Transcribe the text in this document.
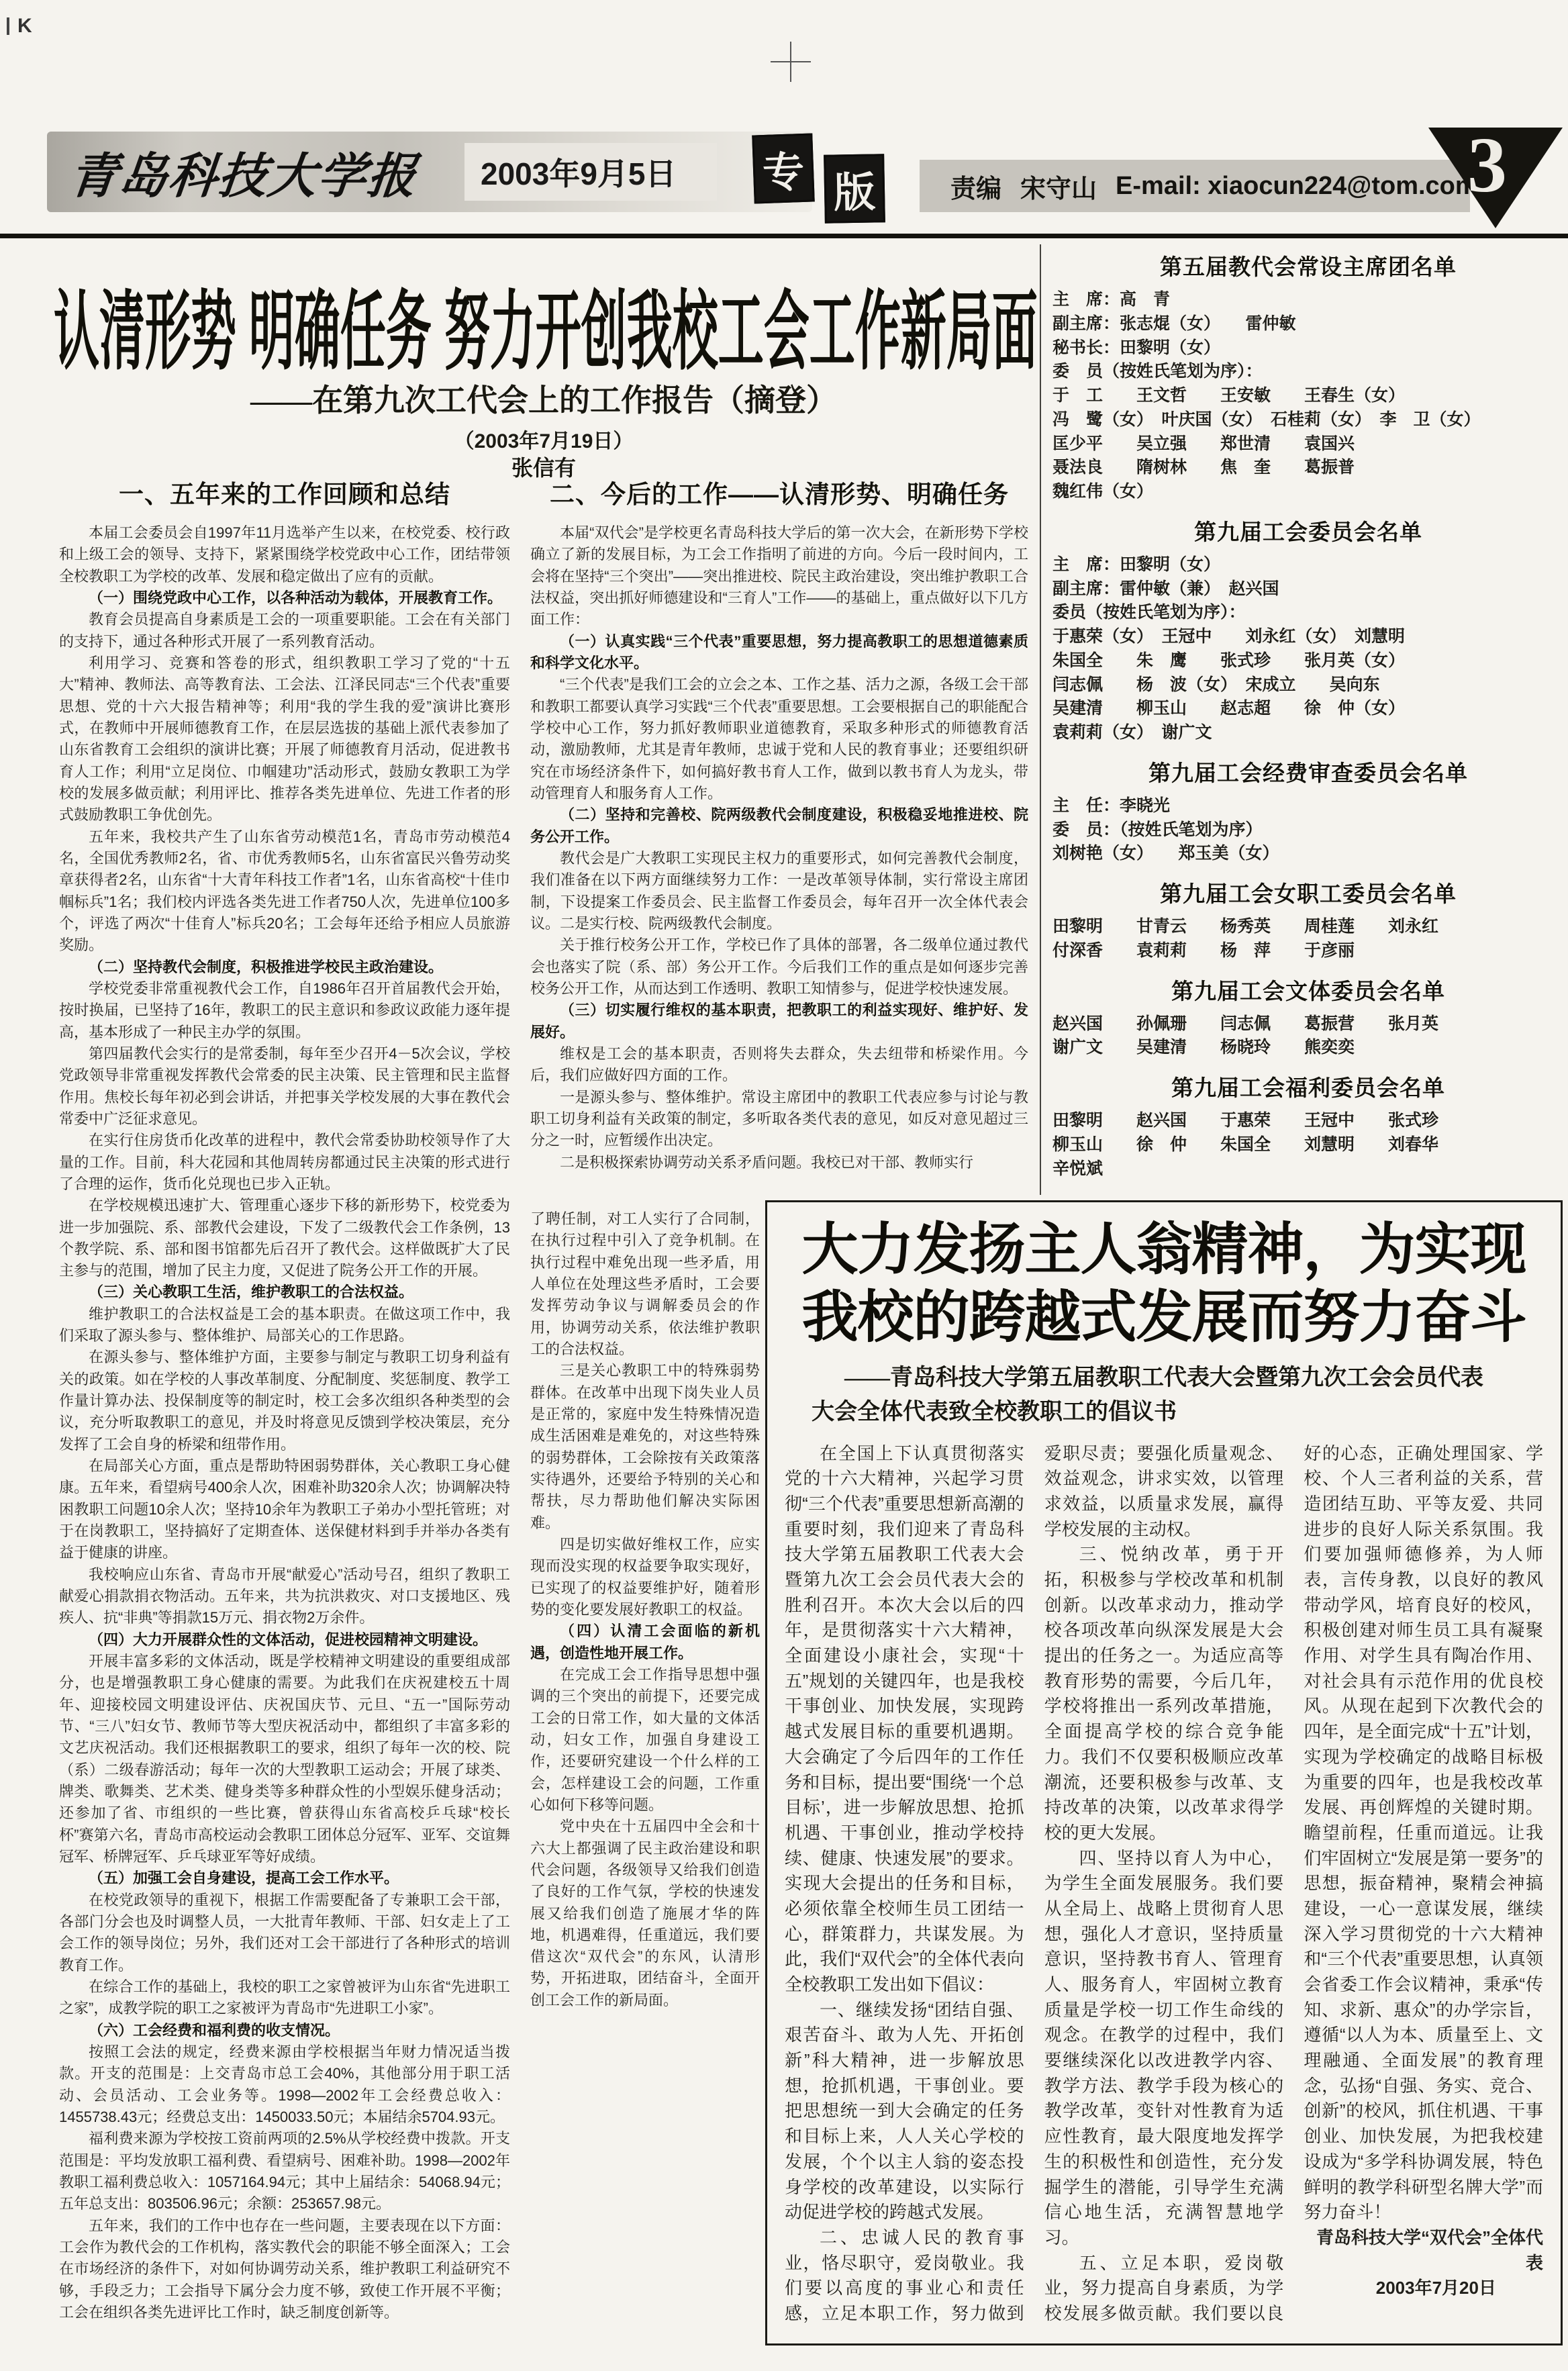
K
青岛科技大学报	2003年9月5日	专 版	责编 宋守山 E-mail: xiaocun224@tom.com
3
认清形势 明确任务 努力开创我校工会工作新局面
——在第九次工代会上的工作报告（摘登）
（2003年7月19日）
张信有
一、五年来的工作回顾和总结

本届工会委员会自1997年11月选举产生以来，在校党委、校行政和上级工会的领导、支持下，紧紧围绕学校党政中心工作，团结带领全校教职工为学校的改革、发展和稳定做出了应有的贡献。

（一）围绕党政中心工作，以各种活动为载体，开展教育工作。

教育会员提高自身素质是工会的一项重要职能。工会在有关部门的支持下，通过各种形式开展了一系列教育活动。

利用学习、竞赛和答卷的形式，组织教职工学习了党的“十五大”精神、教师法、高等教育法、工会法、江泽民同志“三个代表”重要思想、党的十六大报告精神等；利用“我的学生我的爱”演讲比赛形式，在教师中开展师德教育工作，在层层选拔的基础上派代表参加了山东省教育工会组织的演讲比赛；开展了师德教育月活动，促进教书育人工作；利用“立足岗位、巾帼建功”活动形式，鼓励女教职工为学校的发展多做贡献；利用评比、推荐各类先进单位、先进工作者的形式鼓励教职工争优创先。

五年来，我校共产生了山东省劳动模范1名，青岛市劳动模范4名，全国优秀教师2名，省、市优秀教师5名，山东省富民兴鲁劳动奖章获得者2名，山东省“十大青年科技工作者”1名，山东省高校“十佳巾帼标兵”1名；我们校内评选各类先进工作者750人次，先进单位100多个，评选了两次“十佳育人”标兵20名；工会每年还给予相应人员旅游奖励。

（二）坚持教代会制度，积极推进学校民主政治建设。

学校党委非常重视教代会工作，自1986年召开首届教代会开始，按时换届，已坚持了16年，教职工的民主意识和参政议政能力逐年提高，基本形成了一种民主办学的氛围。

第四届教代会实行的是常委制，每年至少召开4－5次会议，学校党政领导非常重视发挥教代会常委的民主决策、民主管理和民主监督作用。焦校长每年初必到会讲话，并把事关学校发展的大事在教代会常委中广泛征求意见。

在实行住房货币化改革的进程中，教代会常委协助校领导作了大量的工作。目前，科大花园和其他周转房都通过民主决策的形式进行了合理的运作，货币化兑现也已步入正轨。

在学校规模迅速扩大、管理重心逐步下移的新形势下，校党委为进一步加强院、系、部教代会建设，下发了二级教代会工作条例，13个教学院、系、部和图书馆都先后召开了教代会。这样做既扩大了民主参与的范围，增加了民主力度，又促进了院务公开工作的开展。

（三）关心教职工生活，维护教职工的合法权益。

维护教职工的合法权益是工会的基本职责。在做这项工作中，我们采取了源头参与、整体维护、局部关心的工作思路。

在源头参与、整体维护方面，主要参与制定与教职工切身利益有关的政策。如在学校的人事改革制度、分配制度、奖惩制度、教学工作量计算办法、投保制度等的制定时，校工会多次组织各种类型的会议，充分听取教职工的意见，并及时将意见反馈到学校决策层，充分发挥了工会自身的桥梁和纽带作用。

在局部关心方面，重点是帮助特困弱势群体，关心教职工身心健康。五年来，看望病号400余人次，困难补助320余人次；协调解决特困教职工问题10余人次；坚持10余年为教职工子弟办小型托管班；对于在岗教职工，坚持搞好了定期查体、送保健材料到手并举办各类有益于健康的讲座。

我校响应山东省、青岛市开展“献爱心”活动号召，组织了教职工献爱心捐款捐衣物活动。五年来，共为抗洪救灾、对口支援地区、残疾人、抗“非典”等捐款15万元、捐衣物2万余件。

（四）大力开展群众性的文体活动，促进校园精神文明建设。

开展丰富多彩的文体活动，既是学校精神文明建设的重要组成部分，也是增强教职工身心健康的需要。为此我们在庆祝建校五十周年、迎接校园文明建设评估、庆祝国庆节、元旦、“五一”国际劳动节、“三八”妇女节、教师节等大型庆祝活动中，都组织了丰富多彩的文艺庆祝活动。我们还根据教职工的要求，组织了每年一次的校、院（系）二级春游活动；每年一次的大型教职工运动会；开展了球类、牌类、歌舞类、艺术类、健身类等多种群众性的小型娱乐健身活动；还参加了省、市组织的一些比赛，曾获得山东省高校乒乓球“校长杯”赛第六名，青岛市高校运动会教职工团体总分冠军、亚军、交谊舞冠军、桥牌冠军、乒乓球亚军等好成绩。

（五）加强工会自身建设，提高工会工作水平。

在校党政领导的重视下，根据工作需要配备了专兼职工会干部，各部门分会也及时调整人员，一大批青年教师、干部、妇女走上了工会工作的领导岗位；另外，我们还对工会干部进行了各种形式的培训教育工作。

在综合工作的基础上，我校的职工之家曾被评为山东省“先进职工之家”，成教学院的职工之家被评为青岛市“先进职工小家”。

（六）工会经费和福利费的收支情况。

按照工会法的规定，经费来源由学校根据当年财力情况适当拨款。开支的范围是：上交青岛市总工会40%，其他部分用于职工活动、会员活动、工会业务等。1998—2002年工会经费总收入：1455738.43元；经费总支出：1450033.50元；本届结余5704.93元。

福利费来源为学校按工资前两项的2.5%从学校经费中拨款。开支范围是：平均发放职工福利费、看望病号、困难补助。1998—2002年教职工福利费总收入：1057164.94元；其中上届结余：54068.94元；五年总支出：803506.96元；余额：253657.98元。

五年来，我们的工作中也存在一些问题，主要表现在以下方面：工会作为教代会的工作机构，落实教代会的职能不够全面深入；工会在市场经济的条件下，对如何协调劳动关系，维护教职工利益研究不够，手段乏力；工会指导下属分会力度不够，致使工作开展不平衡；工会在组织各类先进评比工作时，缺乏制度创新等。

二、今后的工作——认清形势、明确任务

本届“双代会”是学校更名青岛科技大学后的第一次大会，在新形势下学校确立了新的发展目标，为工会工作指明了前进的方向。今后一段时间内，工会将在坚持“三个突出”——突出推进校、院民主政治建设，突出维护教职工合法权益，突出抓好师德建设和“三育人”工作——的基础上，重点做好以下几方面工作：

（一）认真实践“三个代表”重要思想，努力提高教职工的思想道德素质和科学文化水平。

“三个代表”是我们工会的立会之本、工作之基、活力之源，各级工会干部和教职工都要认真学习实践“三个代表”重要思想。工会要根据自己的职能配合学校中心工作，努力抓好教师职业道德教育，采取多种形式的师德教育活动，激励教师，尤其是青年教师，忠诚于党和人民的教育事业；还要组织研究在市场经济条件下，如何搞好教书育人工作，做到以教书育人为龙头，带动管理育人和服务育人工作。

（二）坚持和完善校、院两级教代会制度建设，积极稳妥地推进校、院务公开工作。

教代会是广大教职工实现民主权力的重要形式，如何完善教代会制度，我们准备在以下两方面继续努力工作：一是改革领导体制，实行常设主席团制，下设提案工作委员会、民主监督工作委员会，每年召开一次全体代表会议。二是实行校、院两级教代会制度。

关于推行校务公开工作，学校已作了具体的部署，各二级单位通过教代会也落实了院（系、部）务公开工作。今后我们工作的重点是如何逐步完善校务公开工作，从而达到工作透明、教职工知情参与，促进学校快速发展。

（三）切实履行维权的基本职责，把教职工的利益实现好、维护好、发展好。

维权是工会的基本职责，否则将失去群众，失去纽带和桥梁作用。今后，我们应做好四方面的工作。

一是源头参与、整体维护。常设主席团中的教职工代表应参与讨论与教职工切身利益有关政策的制定，多听取各类代表的意见，如反对意见超过三分之一时，应暂缓作出决定。

二是积极探索协调劳动关系矛盾问题。我校已对干部、教师实行

了聘任制，对工人实行了合同制，在执行过程中引入了竞争机制。在执行过程中难免出现一些矛盾，用人单位在处理这些矛盾时，工会要发挥劳动争议与调解委员会的作用，协调劳动关系，依法维护教职工的合法权益。

三是关心教职工中的特殊弱势群体。在改革中出现下岗失业人员是正常的，家庭中发生特殊情况造成生活困难是难免的，对这些特殊的弱势群体，工会除按有关政策落实待遇外，还要给予特别的关心和帮扶，尽力帮助他们解决实际困难。

四是切实做好维权工作，应实现而没实现的权益要争取实现好，已实现了的权益要维护好，随着形势的变化要发展好教职工的权益。

（四）认清工会面临的新机遇，创造性地开展工作。

在完成工会工作指导思想中强调的三个突出的前提下，还要完成工会的日常工作，如大量的文体活动，妇女工作，加强自身建设工作，还要研究建设一个什么样的工会，怎样建设工会的问题，工作重心如何下移等问题。

党中央在十五届四中全会和十六大上都强调了民主政治建设和职代会问题，各级领导又给我们创造了良好的工作气氛，学校的快速发展又给我们创造了施展才华的阵地，机遇难得，任重道远，我们要借这次“双代会”的东风，认清形势，开拓进取，团结奋斗，全面开创工会工作的新局面。

第五届教代会常设主席团名单
主　席：高　青
副主席：张志焜（女）　　雷仲敏
秘书长：田黎明（女）
委　员（按姓氏笔划为序）：
于　工　　王文哲　　王安敏　　王春生（女）
冯　鹭（女）　叶庆国（女）　石桂莉（女）　李　卫（女）
匡少平　　吴立强　　郑世清　　袁国兴
聂法良　　隋树林　　焦　奎　　葛振普
魏红伟（女）
第九届工会委员会名单
主　席：田黎明（女）
副主席：雷仲敏（兼）　赵兴国
委员（按姓氏笔划为序）：
于惠荣（女）　王冠中　　刘永红（女）　刘慧明
朱国全　　朱　鹰　　张式珍　　张月英（女）
闫志佩　　杨　波（女）　宋成立　　吴向东
吴建清　　柳玉山　　赵志超　　徐　仲（女）
袁莉莉（女）　谢广文
第九届工会经费审查委员会名单
主　任：李晓光
委　员：（按姓氏笔划为序）
刘树艳（女）　　郑玉美（女）
第九届工会女职工委员会名单
田黎明　　甘青云　　杨秀英　　周桂莲　　刘永红
付深香　　袁莉莉　　杨　萍　　于彦丽
第九届工会文体委员会名单
赵兴国　　孙佩珊　　闫志佩　　葛振营　　张月英
谢广文　　吴建清　　杨晓玲　　熊奕奕
第九届工会福利委员会名单
田黎明　　赵兴国　　于惠荣　　王冠中　　张式珍
柳玉山　　徐　仲　　朱国全　　刘慧明　　刘春华
辛悦斌
大力发扬主人翁精神，为实现
我校的跨越式发展而努力奋斗
——青岛科技大学第五届教职工代表大会暨第九次工会会员代表
大会全体代表致全校教职工的倡议书

在全国上下认真贯彻落实党的十六大精神，兴起学习贯彻“三个代表”重要思想新高潮的重要时刻，我们迎来了青岛科技大学第五届教职工代表大会暨第九次工会会员代表大会的胜利召开。本次大会以后的四年，是贯彻落实十六大精神，全面建设小康社会，实现“十五”规划的关键四年，也是我校干事创业、加快发展，实现跨越式发展目标的重要机遇期。大会确定了今后四年的工作任务和目标，提出要“围绕‘一个总目标’，进一步解放思想、抢抓机遇、干事创业，推动学校持续、健康、快速发展”的要求。实现大会提出的任务和目标，必须依靠全校师生员工团结一心，群策群力，共谋发展。为此，我们“双代会”的全体代表向全校教职工发出如下倡议：

一、继续发扬“团结自强、艰苦奋斗、敢为人先、开拓创新”科大精神，进一步解放思想，抢抓机遇，干事创业。要把思想统一到大会确定的任务和目标上来，人人关心学校的发展，个个以主人翁的姿态投身学校的改革建设，以实际行动促进学校的跨越式发展。

二、忠诚人民的教育事业，恪尽职守，爱岗敬业。我们要以高度的事业心和责任感，立足本职工作，努力做到爱职尽责；要强化质量观念、效益观念，讲求实效，以管理求效益，以质量求发展，赢得学校发展的主动权。

三、悦纳改革，勇于开拓，积极参与学校改革和机制创新。以改革求动力，推动学校各项改革向纵深发展是大会提出的任务之一。为适应高等教育形势的需要，今后几年，学校将推出一系列改革措施，全面提高学校的综合竞争能力。我们不仅要积极顺应改革潮流，还要积极参与改革、支持改革的决策，以改革求得学校的更大发展。

四、坚持以育人为中心，为学生全面发展服务。我们要从全局上、战略上贯彻育人思想，强化人才意识，坚持质量意识，坚持教书育人、管理育人、服务育人，牢固树立教育质量是学校一切工作生命线的观念。在教学的过程中，我们要继续深化以改进教学内容、教学方法、教学手段为核心的教学改革，变针对性教育为适应性教育，最大限度地发挥学生的积极性和创造性，充分发掘学生的潜能，引导学生充满信心地生活，充满智慧地学习。

五、立足本职，爱岗敬业，努力提高自身素质，为学校发展多做贡献。我们要以良好的心态，正确处理国家、学校、个人三者利益的关系，营造团结互助、平等友爱、共同进步的良好人际关系氛围。我们要加强师德修养，为人师表，言传身教，以良好的教风带动学风，培育良好的校风，积极创建对师生员工具有凝聚作用、对学生具有陶冶作用、对社会具有示范作用的优良校风。从现在起到下次教代会的四年，是全面完成“十五”计划，实现为学校确定的战略目标极为重要的四年，也是我校改革发展、再创辉煌的关键时期。瞻望前程，任重而道远。让我们牢固树立“发展是第一要务”的思想，振奋精神，聚精会神搞建设，一心一意谋发展，继续深入学习贯彻党的十六大精神和“三个代表”重要思想，认真领会省委工作会议精神，秉承“传知、求新、惠众”的办学宗旨，遵循“以人为本、质量至上、文理融通、全面发展”的教育理念，弘扬“自强、务实、竞合、创新”的校风，抓住机遇、干事创业、加快发展，为把我校建设成为“多学科协调发展，特色鲜明的教学科研型名牌大学”而努力奋斗！

青岛科技大学“双代会”全体代表

2003年7月20日
